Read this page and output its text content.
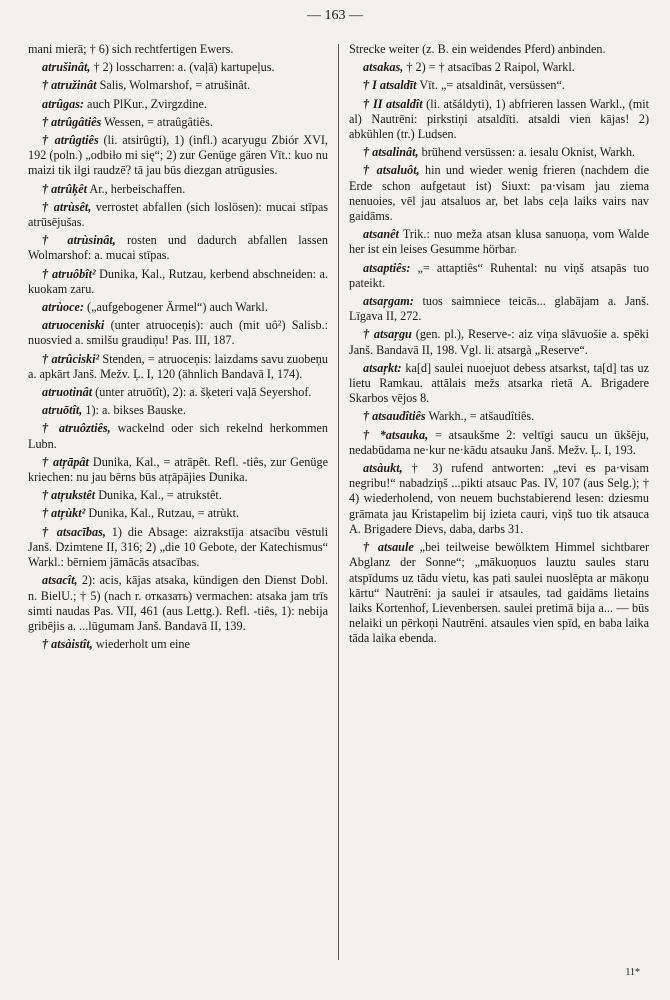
— 163 —

mani mierā; † 6) sich rechtfertigen Ewers.

atrušinât, † 2) losscharren: a. (vaļā) kartupeļus.

† atružinât Salis, Wolmarshof, = atrušinât.

atrûgas: auch PlKur., Zvirgzdine.

† atrûgâtiês Wessen, = atraûgâtiês.

† atrûgtiês (li. atsirûgti), 1) (infl.) acaryugu Zbiór XVI, 192 (poln.) „odbiło mi się“; 2) zur Genüge gären Vīt.: kuo nu maizi tik ilgi raudzē? tā jau būs diezgan atrūgusies.

† atrûķêt Ar., herbeischaffen.

† atrùsêt, verrostet abfallen (sich loslösen): mucai stīpas atrūsējušas.

† atrùsinât, rosten und dadurch abfallen lassen Wolmarshof: a. mucai stīpas.

† atruôbît² Dunika, Kal., Rutzau, kerbend abschneiden: a. kuokam zaru.

atrùoce: („aufgebogener Ärmel“) auch Warkl.

atruoceniski (unter atruoceņis): auch (mit uô²) Salisb.: nuosvied a. smilšu graudiņu! Pas. III, 187.

† atrûciski² Stenden, = atruoceņis: laizdams savu zuobeņu a. apkārt Janš. Mežv. Ļ. I, 120 (ähnlich Bandavā I, 174).

atruotinât (unter atruōtît), 2): a. šķeteri vaļā Seyershof.

atruōtît, 1): a. bikses Bauske.

† atruôztiês, wackelnd oder sich rekelnd herkommen Lubn.

† atŗāpât Dunika, Kal., = atrāpêt. Refl. -tiês, zur Genüge kriechen: nu jau bērns būs atŗāpājies Dunika.

† atŗukstêt Dunika, Kal., = atrukstêt.

† atŗùkt² Dunika, Kal., Rutzau, = atrùkt.

† atsacības, 1) die Absage: aizrakstīja atsacību vēstuli Janš. Dzimtene II, 316; 2) „die 10 Gebote, der Katechismus“ Warkl.: bērniem jāmācās atsacības.

atsacît, 2): acis, kājas atsaka, kündigen den Dienst Dobl. n. BielU.; † 5) (nach r. отказать) vermachen: atsaka jam trīs simti naudas Pas. VII, 461 (aus Lettg.). Refl. -tiês, 1): nebija gribējis a. ...lūgumam Janš. Bandavā II, 139.

† atsàistît, wiederholt um eine

Strecke weiter (z. B. ein weidendes Pferd) anbinden.

atsakas, † 2) = † atsacības 2 Raipol, Warkl.

† I atsaldīt Vīt. „= atsaldinât, versüssen“.

† II atsaldît (li. atšáldyti), 1) abfrieren lassen Warkl., (mit al) Nautrēni: pirkstiņi atsaldīti. atsaldi vien kājas! 2) abkühlen (tr.) Ludsen.

† atsalinât, brühend versüssen: a. iesalu Oknist, Warkh.

† atsaluôt, hin und wieder wenig frieren (nachdem die Erde schon aufgetaut ist) Siuxt: pa‧visam jau ziema nenuoies, vēl jau atsaluos ar, bet labs ceļa laiks vairs nav gaidāms.

atsanêt Trik.: nuo meža atsan klusa sanuoņa, vom Walde her ist ein leises Gesumme hörbar.

atsaptiês: „= attaptiês“ Ruhental: nu viņš atsapās tuo pateikt.

atsaŗgam: tuos saimniece teicās... glabājam a. Janš. Līgava II, 272.

† atsaŗgu (gen. pl.), Reserve-: aiz viņa slāvuošie a. spēki Janš. Bandavā II, 198. Vgl. li. atsargà „Reserve“.

atsaŗkt: ka[d] saulei nuoejuot debess atsarkst, ta[d] tas uz lietu Ramkau. attālais mežs atsarka rietā A. Brigadere Skarbos vējos 8.

† atsaudîtiês Warkh., = atšaudîtiês.

† *atsauka, = atsaukšme 2: veltīgi saucu un ūkšēju, nedabūdama ne‧kur ne‧kādu atsauku Janš. Mežv. Ļ. I, 193.

atsàukt, † 3) rufend antworten: „tevi es pa‧visam negribu!“ nabadziņš ...pikti atsauc Pas. IV, 107 (aus Selg.); † 4) wiederholend, von neuem buchstabierend lesen: dziesmu grāmata jau Kristapelim bij izieta cauri, viņš tuo tik atsauca A. Brigadere Dievs, daba, darbs 31.

† atsaule „bei teilweise bewölktem Himmel sichtbarer Abglanz der Sonne“; „mākuoņuos lauztu saules staru atspīdums uz tādu vietu, kas pati saulei nuoslēpta ar mākoņu kārtu“ Nautrēni: ja saulei ir atsaules, tad gaidāms lietains laiks Kortenhof, Lievenbersen. saulei pretimā bija a... — būs nelaiki un pērkoņi Nautrēni. atsaules vien spīd, en baba laika tāda laika ebenda.

11*
